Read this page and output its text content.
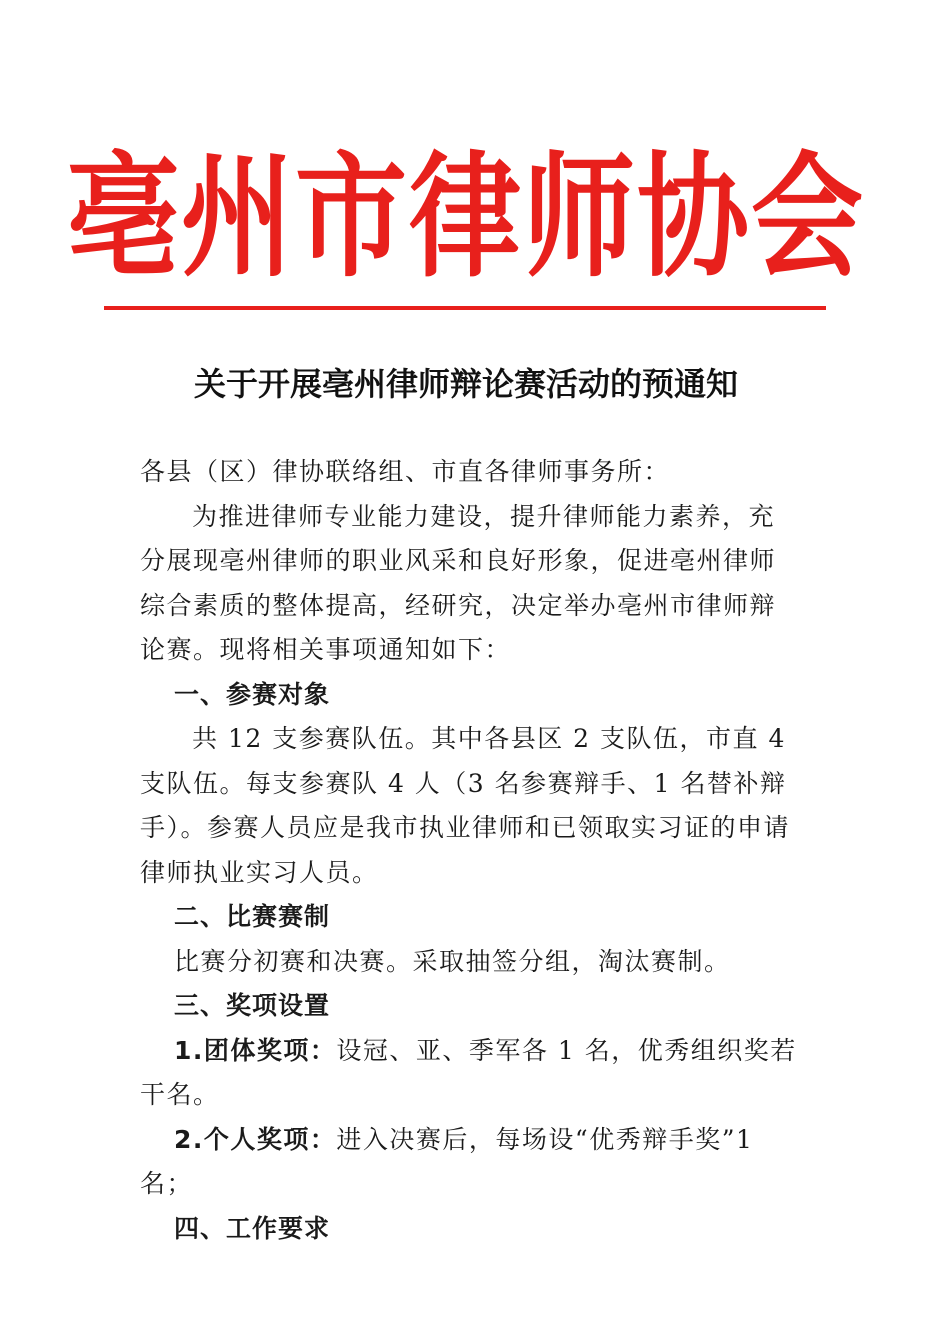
亳州市律师协会
关于开展亳州律师辩论赛活动的预通知

各县（区）律协联络组、市直各律师事务所：

为推进律师专业能力建设，提升律师能力素养，充分展现亳州律师的职业风采和良好形象，促进亳州律师综合素质的整体提高，经研究，决定举办亳州市律师辩论赛。现将相关事项通知如下：

一、参赛对象

共 12 支参赛队伍。其中各县区 2 支队伍，市直 4 支队伍。每支参赛队 4 人（3 名参赛辩手、1 名替补辩手）。参赛人员应是我市执业律师和已领取实习证的申请律师执业实习人员。

二、比赛赛制

比赛分初赛和决赛。采取抽签分组，淘汰赛制。

三、奖项设置

1.团体奖项：设冠、亚、季军各 1 名，优秀组织奖若干名。

2.个人奖项：进入决赛后，每场设“优秀辩手奖”1 名；

四、工作要求
